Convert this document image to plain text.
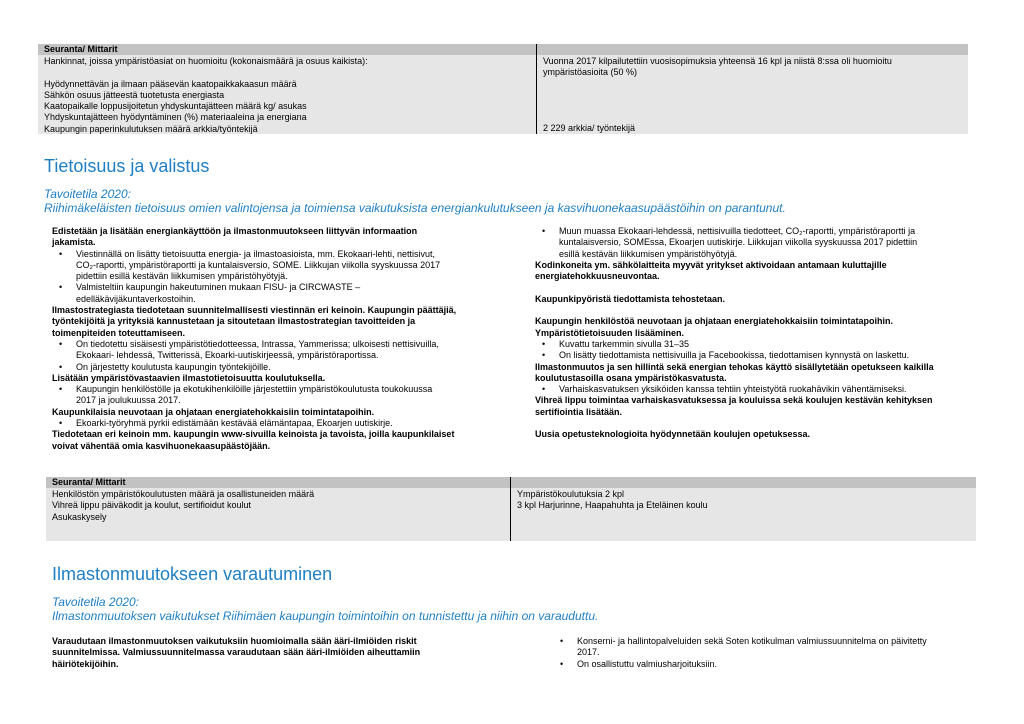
Seuranta/ Mittarit
Hankinnat, joissa ympäristöasiat on huomioitu (kokonaismäärä ja osuus kaikista):
Hyödynnettävän ja ilmaan pääsevän kaatopaikkakaasun määrä
Sähkön osuus jätteestä tuotetusta energiasta
Kaatopaikalle loppusijoitetun yhdyskuntajätteen määrä kg/ asukas
Yhdyskuntajätteen hyödyntäminen (%) materiaaleina ja energiana
Kaupungin paperinkulutuksen määrä arkkia/työntekijä
Vuonna 2017 kilpailutettiin vuosisopimuksia yhteensä 16 kpl ja niistä 8:ssa oli huomioitu
ympäristöasioita (50 %)
2 229 arkkia/ työntekijä
Tietoisuus ja valistus
Tavoitetila 2020:
Riihimäkeläisten tietoisuus omien valintojensa ja toimiensa vaikutuksista energiankulutukseen ja kasvihuonekaasupäästöihin on parantunut.
Edistetään ja lisätään energiankäyttöön ja ilmastonmuutokseen liittyvän informaation
jakamista.
• Viestinnällä on lisätty tietoisuutta energia- ja ilmastoasioista, mm. Ekokaari-lehti, nettisivut,
CO₂-raportti, ympäristöraportti ja kuntalaisversio, SOME. Liikkujan viikolla syyskuussa 2017
pidettiin esillä kestävän liikkumisen ympäristöhyötyjä.
• Valmisteltiin kaupungin hakeutuminen mukaan FISU- ja CIRCWASTE –
edelläkävijäkuntaverkostoihin.
Ilmastostrategiasta tiedotetaan suunnitelmallisesti viestinnän eri keinoin. Kaupungin päättäjiä,
työntekijöitä ja yrityksiä kannustetaan ja sitoutetaan ilmastostrategian tavoitteiden ja
toimenpiteiden toteuttamiseen.
• On tiedotettu sisäisesti ympäristötiedotteessa, Intrassa, Yammerissa; ulkoisesti nettisivuilla,
Ekokaari- lehdessä, Twitterissä, Ekoarki-uutiskirjeessä, ympäristöraportissa.
• On järjestetty koulutusta kaupungin työntekijöille.
Lisätään ympäristövastaavien ilmastotietoisuutta koulutuksella.
• Kaupungin henkilöstölle ja ekotukihenkilöille järjestettiin ympäristökoulutusta toukokuussa
2017 ja joulukuussa 2017.
Kaupunkilaisia neuvotaan ja ohjataan energiatehokkaisiin toimintatapoihin.
• Ekoarki-työryhmä pyrkii edistämään kestävää elämäntapaa, Ekoarjen uutiskirje.
Tiedotetaan eri keinoin mm. kaupungin www-sivuilla keinoista ja tavoista, joilla kaupunkilaiset
voivat vähentää omia kasvihuonekaasupäästöjään.
• Muun muassa Ekokaari-lehdessä, nettisivuilla tiedotteet, CO₂-raportti, ympäristöraportti ja
kuntalaisversio, SOMEssa, Ekoarjen uutiskirje. Liikkujan viikolla syyskuussa 2017 pidettiin
esillä kestävän liikkumisen ympäristöhyötyjä.
Kodinkoneita ym. sähkölaitteita myyvät yritykset aktivoidaan antamaan kuluttajille
energiatehokkuusneuvontaa.
Kaupunkipyöristä tiedottamista tehostetaan.
Kaupungin henkilöstöä neuvotaan ja ohjataan energiatehokkaisiin toimintatapoihin.
Ympäristötietoisuuden lisääminen.
• Kuvattu tarkemmin sivulla 31–35
• On lisätty tiedottamista nettisivuilla ja Facebookissa, tiedottamisen kynnystä on laskettu.
Ilmastonmuutos ja sen hillintä sekä energian tehokas käyttö sisällytetään opetukseen kaikilla
koulutustasoilla osana ympäristökasvatusta.
• Varhaiskasvatuksen yksiköiden kanssa tehtiin yhteistyötä ruokahävikin vähentämiseksi.
Vihreä lippu toimintaa varhaiskasvatuksessa ja kouluissa sekä koulujen kestävän kehityksen
sertifiointia lisätään.
Uusia opetusteknologioita hyödynnetään koulujen opetuksessa.
Seuranta/ Mittarit
Henkilöstön ympäristökoulutusten määrä ja osallistuneiden määrä
Vihreä lippu päiväkodit ja koulut, sertifioidut koulut
Asukaskysely
Ympäristökoulutuksia 2 kpl
3 kpl Harjurinne, Haapahuhta ja Eteläinen koulu
Ilmastonmuutokseen varautuminen
Tavoitetila 2020:
Ilmastonmuutoksen vaikutukset Riihimäen kaupungin toimintoihin on tunnistettu ja niihin on varauduttu.
Varaudutaan ilmastonmuutoksen vaikutuksiin huomioimalla sään ääri-ilmiöiden riskit
suunnitelmissa. Valmiussuunnitelmassa varaudutaan sään ääri-ilmiöiden aiheuttamiin
häiriötekijöihin.
• Konserni- ja hallintopalveluiden sekä Soten kotikulman valmiussuunnitelma on päivitetty
2017.
• On osallistuttu valmiusharjoituksiin.
